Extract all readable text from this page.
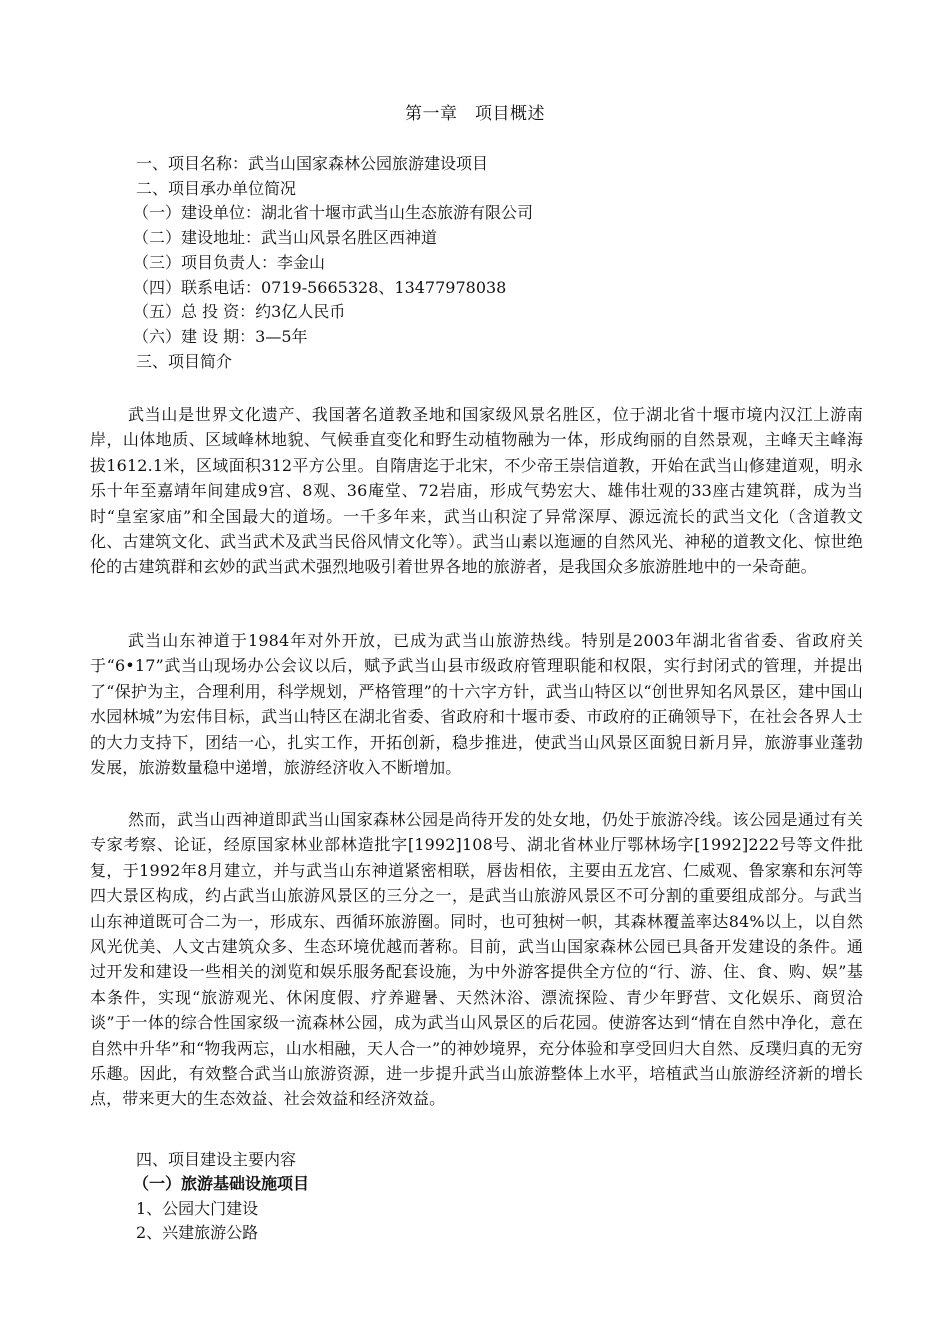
第一章　项目概述
一、项目名称：武当山国家森林公园旅游建设项目
二、项目承办单位简况
（一）建设单位：湖北省十堰市武当山生态旅游有限公司
（二）建设地址：武当山风景名胜区西神道
（三）项目负责人：李金山
（四）联系电话：0719-5665328、13477978038
（五）总 投 资：约3亿人民币
（六）建 设 期：3—5年
三、项目简介
武当山是世界文化遗产、我国著名道教圣地和国家级风景名胜区，位于湖北省十堰市境内汉江上游南岸，山体地质、区域峰林地貌、气候垂直变化和野生动植物融为一体，形成绚丽的自然景观，主峰天主峰海拔1612.1米，区域面积312平方公里。自隋唐迄于北宋，不少帝王崇信道教，开始在武当山修建道观，明永乐十年至嘉靖年间建成9宫、8观、36庵堂、72岩庙，形成气势宏大、雄伟壮观的33座古建筑群，成为当时“皇室家庙”和全国最大的道场。一千多年来，武当山积淀了异常深厚、源远流长的武当文化（含道教文化、古建筑文化、武当武术及武当民俗风情文化等）。武当山素以迤逦的自然风光、神秘的道教文化、惊世绝伦的古建筑群和玄妙的武当武术强烈地吸引着世界各地的旅游者，是我国众多旅游胜地中的一朵奇葩。
武当山东神道于1984年对外开放，已成为武当山旅游热线。特别是2003年湖北省省委、省政府关于“6•17”武当山现场办公会议以后，赋予武当山县市级政府管理职能和权限，实行封闭式的管理，并提出了“保护为主，合理利用，科学规划，严格管理”的十六字方针，武当山特区以“创世界知名风景区，建中国山水园林城”为宏伟目标，武当山特区在湖北省委、省政府和十堰市委、市政府的正确领导下，在社会各界人士的大力支持下，团结一心，扎实工作，开拓创新，稳步推进，使武当山风景区面貌日新月异，旅游事业蓬勃发展，旅游数量稳中递增，旅游经济收入不断增加。
然而，武当山西神道即武当山国家森林公园是尚待开发的处女地，仍处于旅游冷线。该公园是通过有关专家考察、论证，经原国家林业部林造批字[1992]108号、湖北省林业厅鄂林场字[1992]222号等文件批复，于1992年8月建立，并与武当山东神道紧密相联，唇齿相依，主要由五龙宫、仁威观、鲁家寨和东河等四大景区构成，约占武当山旅游风景区的三分之一，是武当山旅游风景区不可分割的重要组成部分。与武当山东神道既可合二为一，形成东、西循环旅游圈。同时，也可独树一帜，其森林覆盖率达84%以上，以自然风光优美、人文古建筑众多、生态环境优越而著称。目前，武当山国家森林公园已具备开发建设的条件。通过开发和建设一些相关的浏览和娱乐服务配套设施，为中外游客提供全方位的“行、游、住、食、购、娱”基本条件，实现“旅游观光、休闲度假、疗养避暑、天然沐浴、漂流探险、青少年野营、文化娱乐、商贸洽谈”于一体的综合性国家级一流森林公园，成为武当山风景区的后花园。使游客达到“情在自然中净化，意在自然中升华”和“物我两忘，山水相融，天人合一”的神妙境界，充分体验和享受回归大自然、反璞归真的无穷乐趣。因此，有效整合武当山旅游资源，进一步提升武当山旅游整体上水平，培植武当山旅游经济新的增长点，带来更大的生态效益、社会效益和经济效益。
四、项目建设主要内容
（一）旅游基础设施项目
1、公园大门建设
2、兴建旅游公路
